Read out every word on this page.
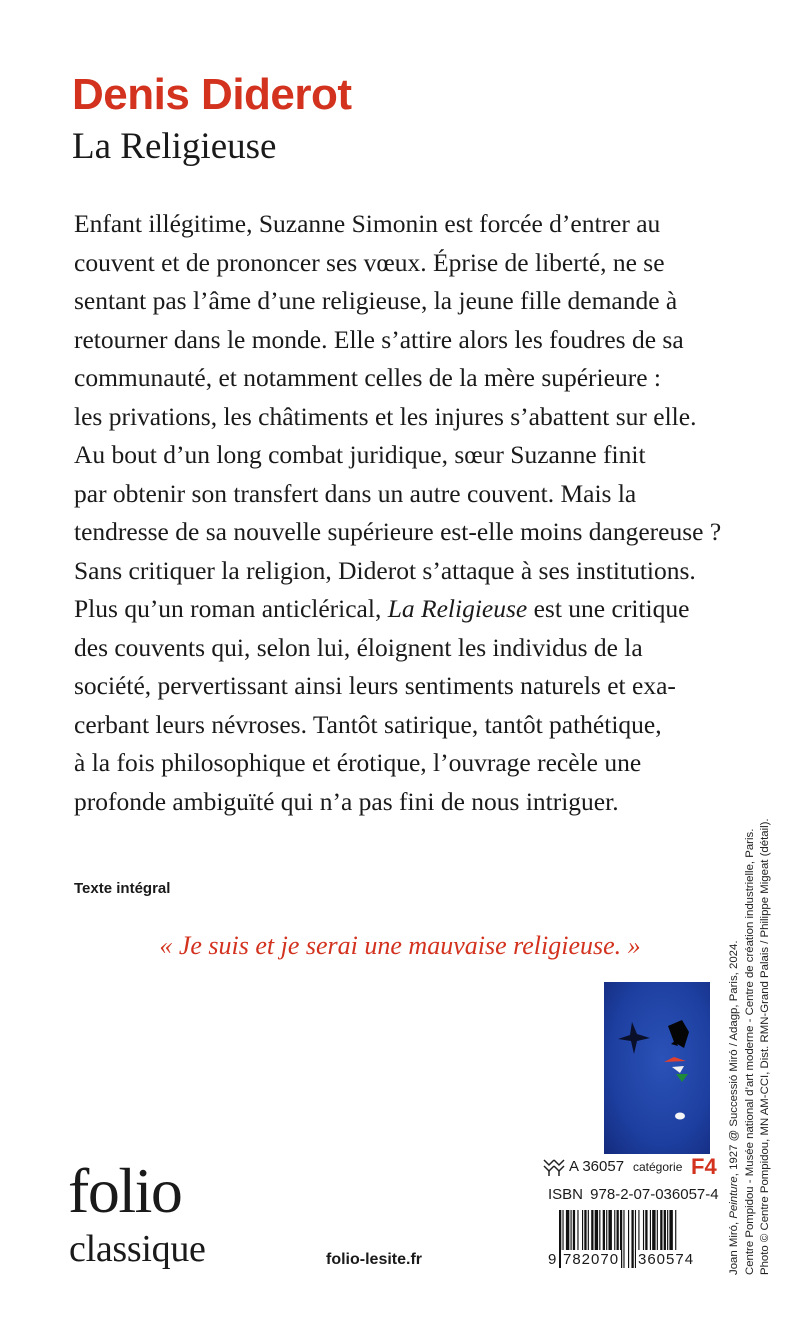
Denis Diderot
La Religieuse
Enfant illégitime, Suzanne Simonin est forcée d’entrer au
couvent et de prononcer ses vœux. Éprise de liberté, ne se
sentant pas l’âme d’une religieuse, la jeune fille demande à
retourner dans le monde. Elle s’attire alors les foudres de sa
communauté, et notamment celles de la mère supérieure :
les privations, les châtiments et les injures s’abattent sur elle.
Au bout d’un long combat juridique, sœur Suzanne finit
par obtenir son transfert dans un autre couvent. Mais la
tendresse de sa nouvelle supérieure est-elle moins dangereuse ?
Sans critiquer la religion, Diderot s’attaque à ses institutions.
Plus qu’un roman anticlérical, La Religieuse est une critique
des couvents qui, selon lui, éloignent les individus de la
société, pervertissant ainsi leurs sentiments naturels et exa-
cerbant leurs névroses. Tantôt satirique, tantôt pathétique,
à la fois philosophique et érotique, l’ouvrage recèle une
profonde ambiguïté qui n’a pas fini de nous intriguer.
Texte intégral
« Je suis et je serai une mauvaise religieuse. »
A 36057 catégorie F4
ISBN 978-2-07-036057-4
9 782070 360574
folio
classique	folio-lesite.fr	Joan Miró, Peinture, 1927 @ Successió Miró / Adagp, Paris, 2024. Centre Pompidou - Musée national d’art moderne - Centre de création industrielle, Paris. Photo © Centre Pompidou, MN AM-CCI, Dist. RMN-Grand Palais / Philippe Migeat (détail).
